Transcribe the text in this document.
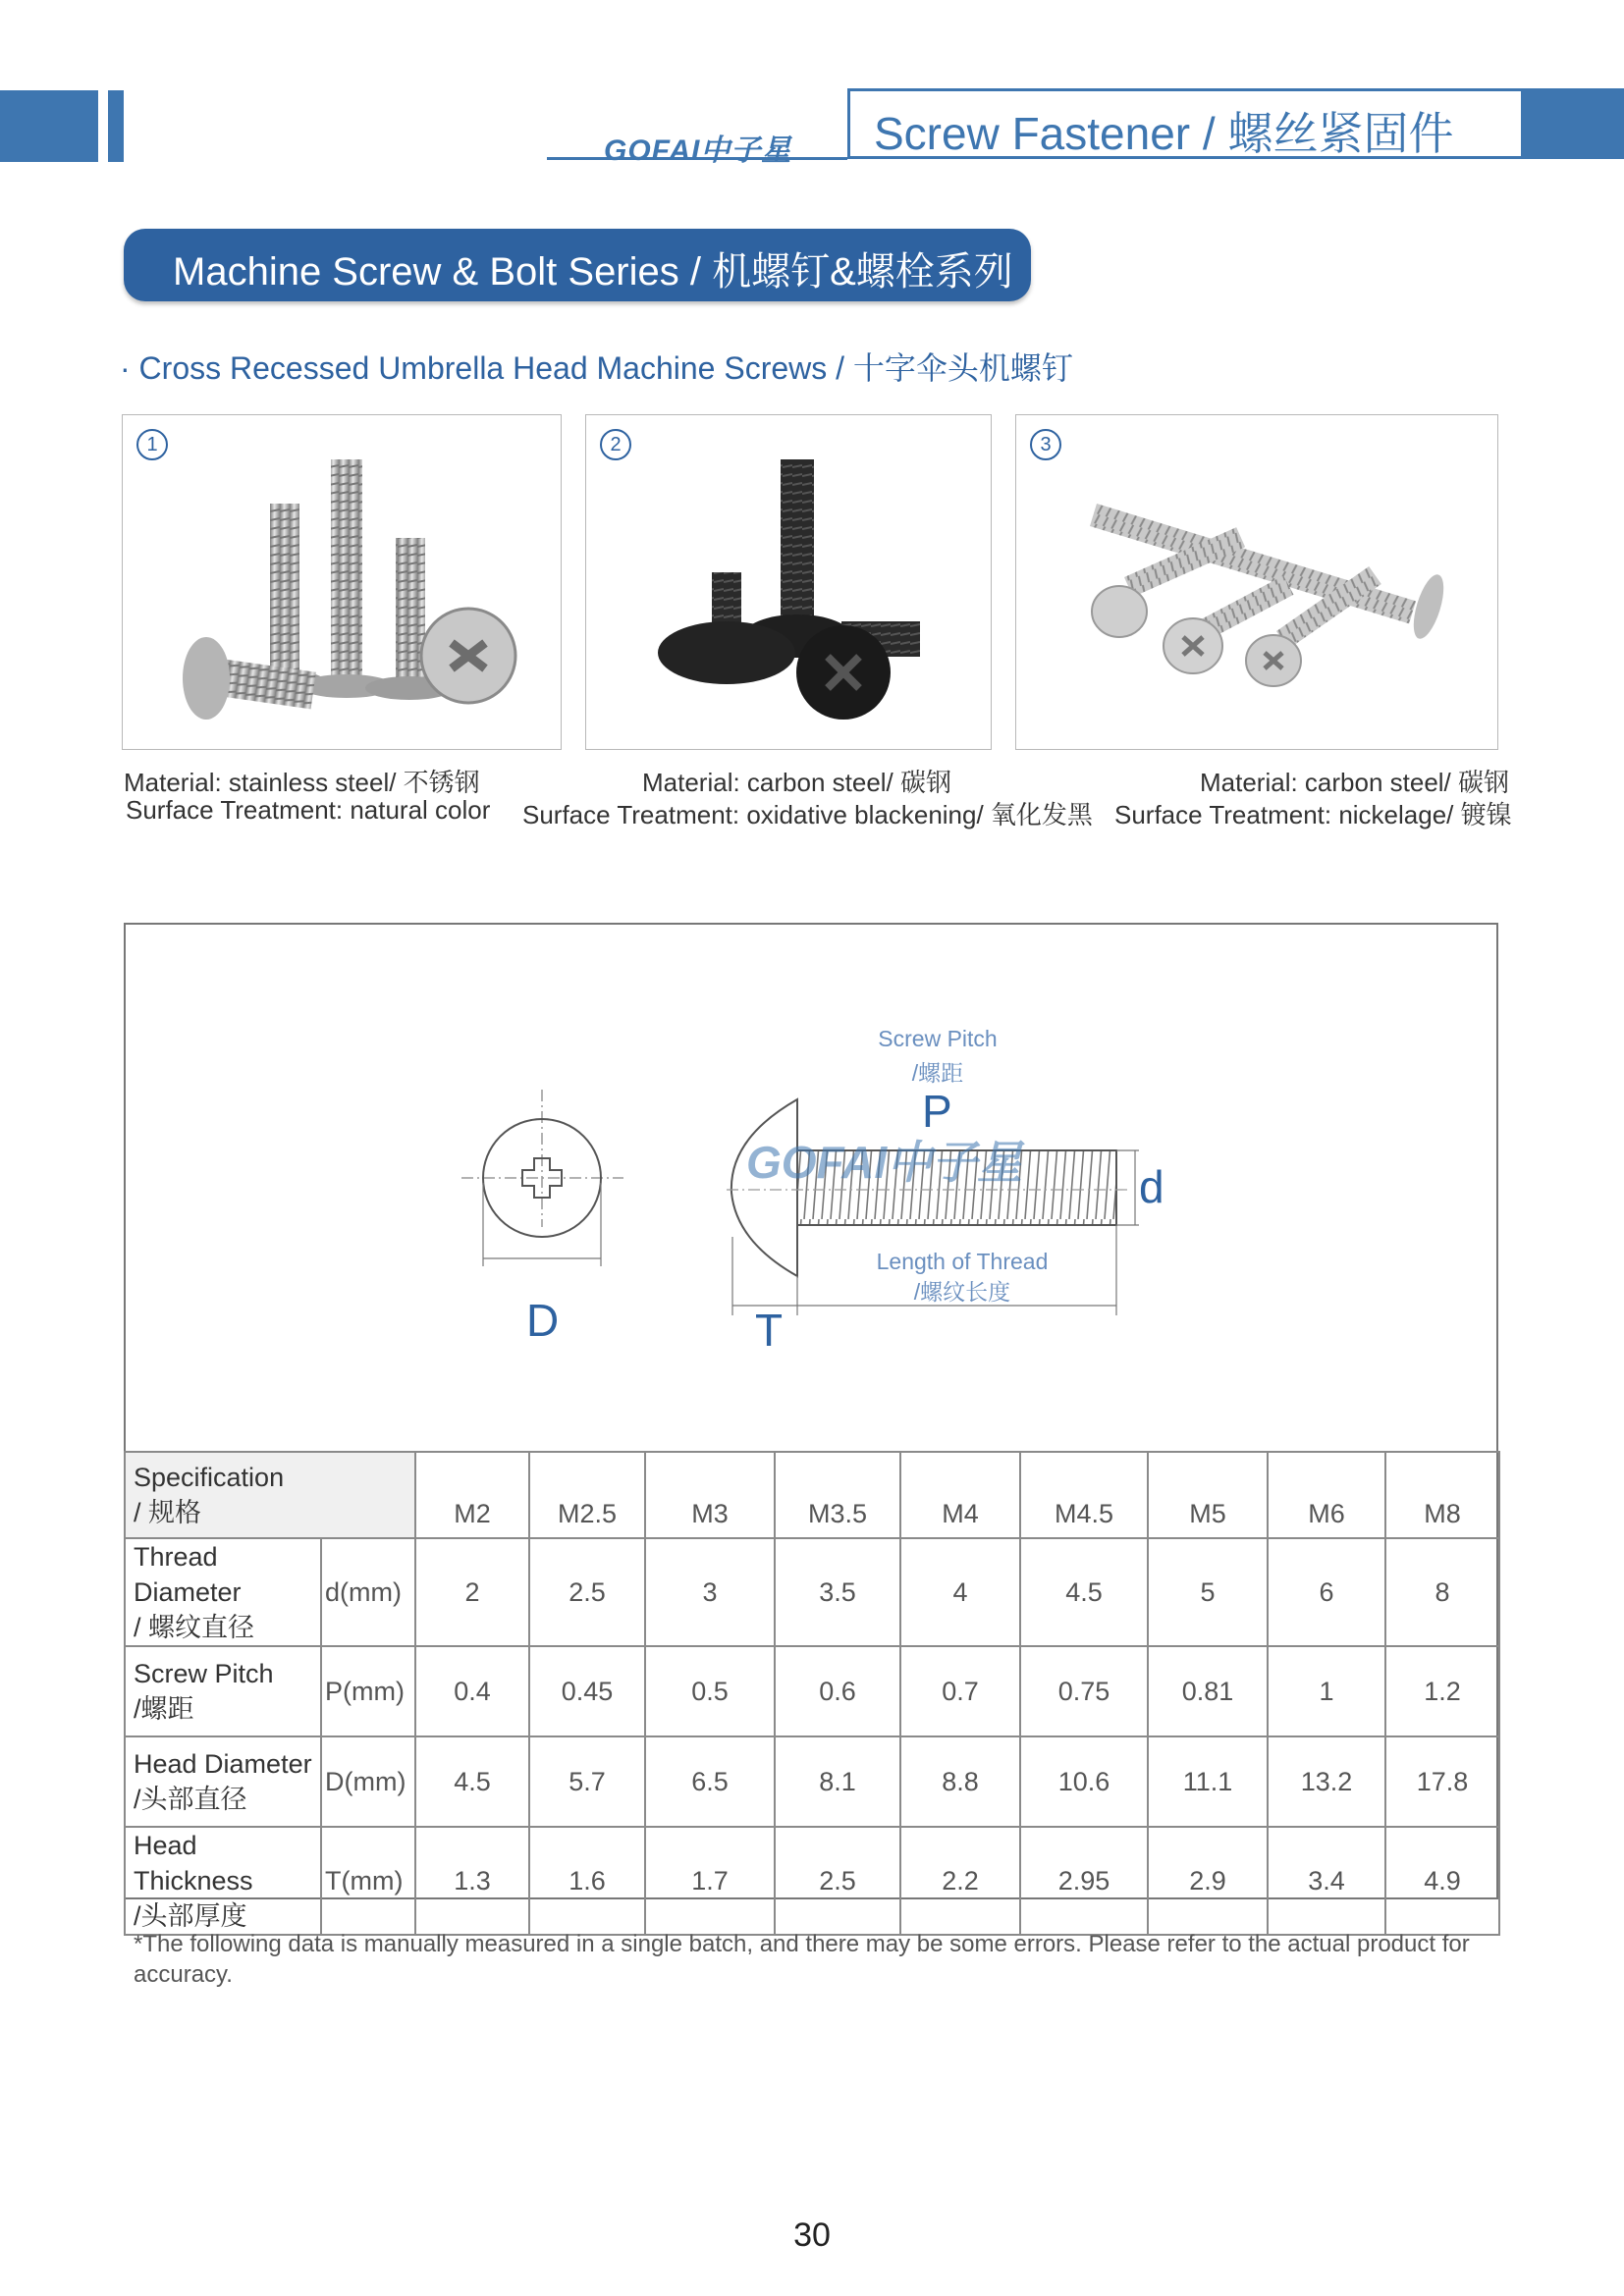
GOFAI中子星 Screw Fastener / 螺丝紧固件
Machine Screw & Bolt Series / 机螺钉&螺栓系列
· Cross Recessed Umbrella Head Machine Screws / 十字伞头机螺钉
1	2	3
Material: stainless steel/ 不锈钢
Surface Treatment: natural color
Material: carbon steel/ 碳钢
Surface Treatment: oxidative blackening/ 氧化发黑
Material: carbon steel/ 碳钢
Surface Treatment: nickelage/ 镀镍
GOFAI中子星
Screw Pitch
/螺距
P
d
Length of Thread
/螺纹长度
D	T
Specification
/ 规格		M2	M2.5	M3	M3.5	M4	M4.5	M5	M6	M8

Thread Diameter
/ 螺纹直径	d(mm)	2	2.5	3	3.5	4	4.5	5	6	8

Screw Pitch
/螺距	P(mm)	0.4	0.45	0.5	0.6	0.7	0.75	0.81	1	1.2

Head Diameter
/头部直径	D(mm)	4.5	5.7	6.5	8.1	8.8	10.6	11.1	13.2	17.8

Head Thickness
/头部厚度	T(mm)	1.3	1.6	1.7	2.5	2.2	2.95	2.9	3.4	4.9
*The following data is manually measured in a single batch, and there may be some errors. Please refer to the actual product for accuracy.
30
